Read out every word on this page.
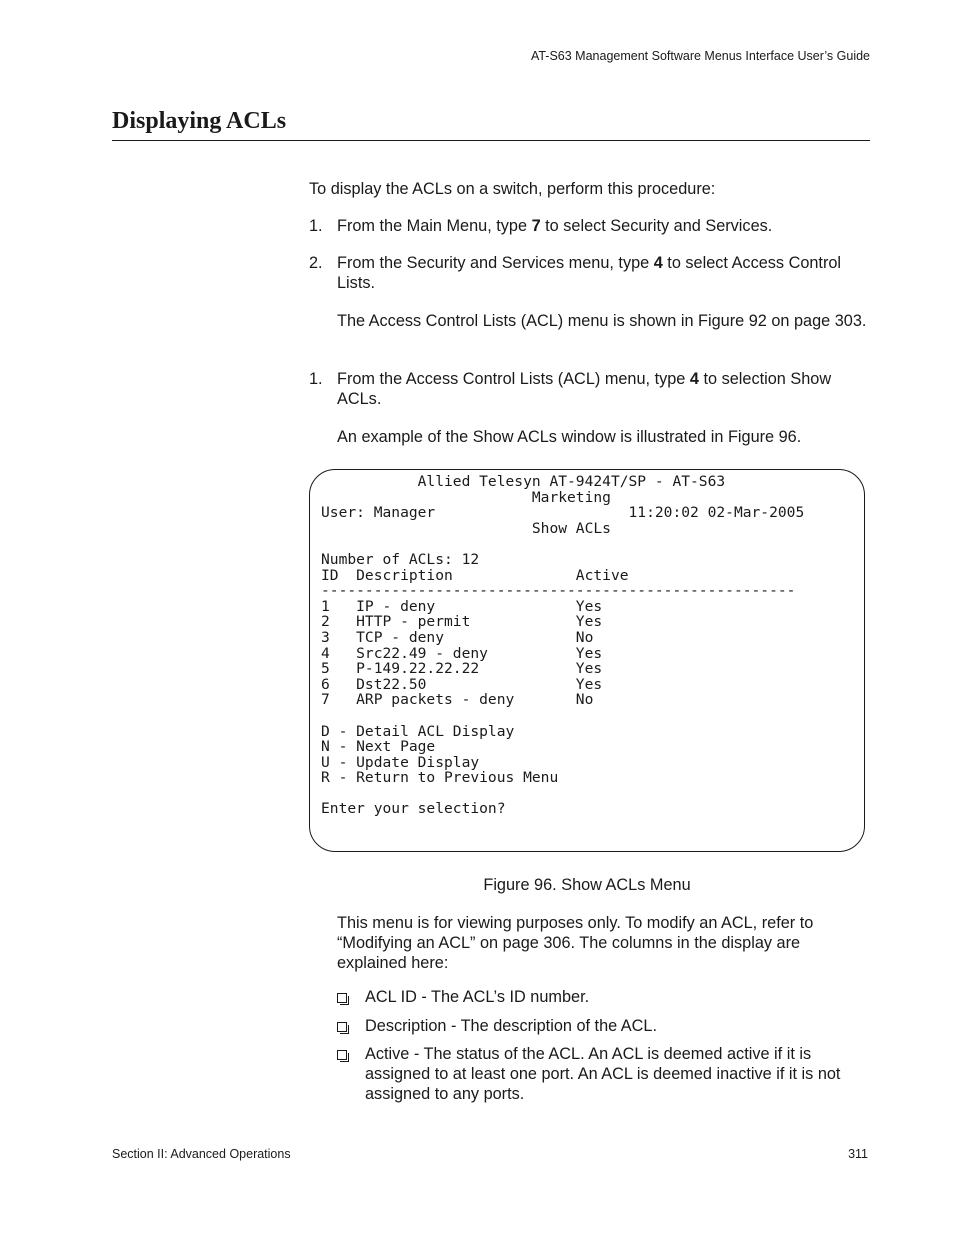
AT-S63 Management Software Menus Interface User’s Guide
Displaying ACLs
To display the ACLs on a switch, perform this procedure:
1. From the Main Menu, type 7 to select Security and Services.
2. From the Security and Services menu, type 4 to select Access Control Lists.
The Access Control Lists (ACL) menu is shown in Figure 92 on page 303.
1. From the Access Control Lists (ACL) menu, type 4 to selection Show ACLs.
An example of the Show ACLs window is illustrated in Figure 96.
Allied Telesyn AT-9424T/SP - AT-S63
Marketing
User: Manager                      11:20:02 02-Mar-2005
Show ACLs

Number of ACLs: 12
ID  Description              Active
------------------------------------------------------
1   IP - deny                Yes
2   HTTP - permit            Yes
3   TCP - deny               No
4   Src22.49 - deny          Yes
5   P-149.22.22.22           Yes
6   Dst22.50                 Yes
7   ARP packets - deny       No

D - Detail ACL Display
N - Next Page
U - Update Display
R - Return to Previous Menu

Enter your selection?
Figure 96. Show ACLs Menu
This menu is for viewing purposes only. To modify an ACL, refer to “Modifying an ACL” on page 306. The columns in the display are explained here:
ACL ID - The ACL’s ID number.
Description - The description of the ACL.
Active - The status of the ACL. An ACL is deemed active if it is assigned to at least one port. An ACL is deemed inactive if it is not assigned to any ports.
Section II: Advanced Operations	311
